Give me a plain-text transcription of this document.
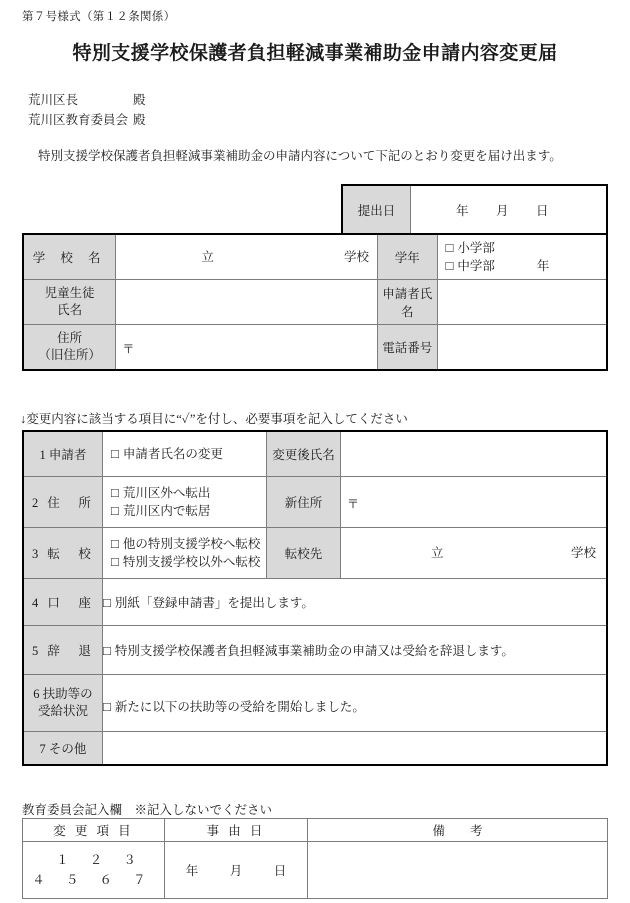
第７号様式（第１２条関係）
特別支援学校保護者負担軽減事業補助金申請内容変更届
荒川区長	殿
荒川区教育委員会 殿
特別支援学校保護者負担軽減事業補助金の申請内容について下記のとおり変更を届け出ます。
提出日	年 月 日
学 校 名	立	学校	学年	
□ 小学部
□ 中学部	年

児童生徒
氏名		申請者氏名	

住所
（旧住所）	〒	電話番号	
↓変更内容に該当する項目に“✓”を付し、必要事項を記入してください
1 申請者	□ 申請者氏名の変更	変更後氏名	
2 住　所	□ 荒川区外へ転出
□ 荒川区内で転居	新住所	〒

3 転　校	
□ 他の特別支援学校へ転校
□ 特別支援学校以外へ転校
	転校先	立	学校

4 口　座	□ 別紙「登録申請書」を提出します。		
5 辞　退	□ 特別支援学校保護者負担軽減事業補助金の申請又は受給を辞退します。		

6 扶助等の
受給状況	□ 新たに以下の扶助等の受給を開始しました。		
7 その他			
教育委員会記入欄　※記入しないでください
変 更 項 目	事 由 日	備　　考

１ ２ ３
４ ５ ６ ７	年 月 日	
